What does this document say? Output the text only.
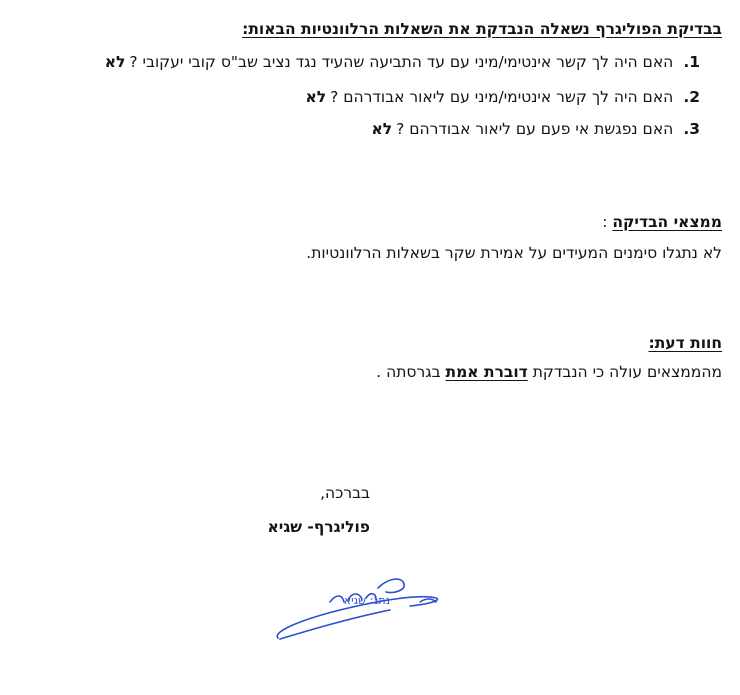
בבדיקת הפוליגרף נשאלה הנבדקת את השאלות הרלוונטיות הבאות:
1.האם היה לך קשר אינטימי/מיני עם עד התביעה שהעיד נגד נציב שב"ס קובי יעקובי ?לא
2.האם היה לך קשר אינטימי/מיני עם ליאור אבודרהם ?לא
3.האם נפגשת אי פעם עם ליאור אבודרהם ?לא
ממצאי הבדיקה :
לא נתגלו סימנים המעידים על אמירת שקר בשאלות הרלוונטיות.
חוות דעת:
מהממצאים עולה כי הנבדקת דוברת אמת בגרסתה .
בברכה,
פוליגרף- שגיא
נתנ׳ שגיא
